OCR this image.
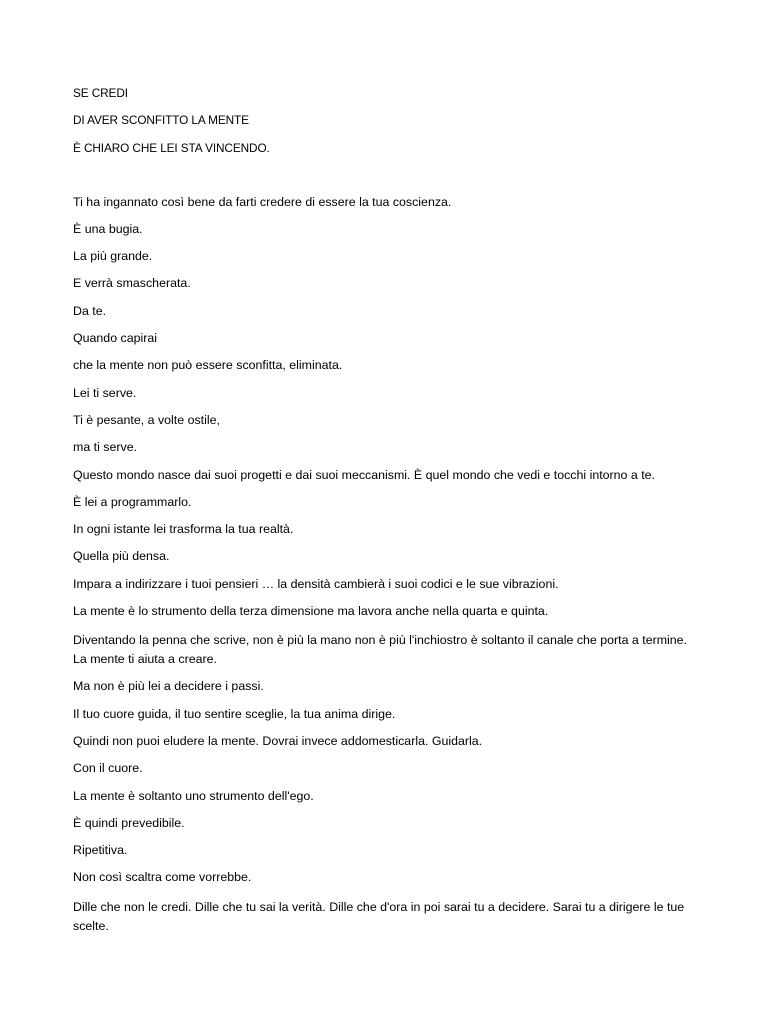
SE CREDI
DI AVER SCONFITTO LA MENTE
È CHIARO CHE LEI STA VINCENDO.
Ti ha ingannato così bene da farti credere di essere la tua coscienza.
È una bugia.
La più grande.
E verrà smascherata.
Da te.
Quando capirai
che la mente non può essere sconfitta, eliminata.
Lei ti serve.
Ti è pesante, a volte ostile,
ma ti serve.
Questo mondo nasce dai suoi progetti e dai suoi meccanismi. È quel mondo che vedi e tocchi intorno a te.
È lei a programmarlo.
In ogni istante lei trasforma la tua realtà.
Quella più densa.
Impara a indirizzare i tuoi pensieri … la densità cambierà i suoi codici e le sue vibrazioni.
La mente è lo strumento della terza dimensione ma lavora anche nella quarta e quinta.
Diventando la penna che scrive, non è più la mano non è più l'inchiostro è soltanto il canale che porta a termine. La mente ti aiuta a creare.
Ma non è più lei a decidere i passi.
Il tuo cuore guida, il tuo sentire sceglie, la tua anima dirige.
Quindi non puoi eludere la mente. Dovrai invece addomesticarla. Guidarla.
Con il cuore.
La mente è soltanto uno strumento dell'ego.
È quindi prevedibile.
Ripetitiva.
Non così scaltra come vorrebbe.
Dille che non le credi. Dille che tu sai la verità. Dille che d'ora in poi sarai tu a decidere. Sarai tu a dirigere le tue scelte.
